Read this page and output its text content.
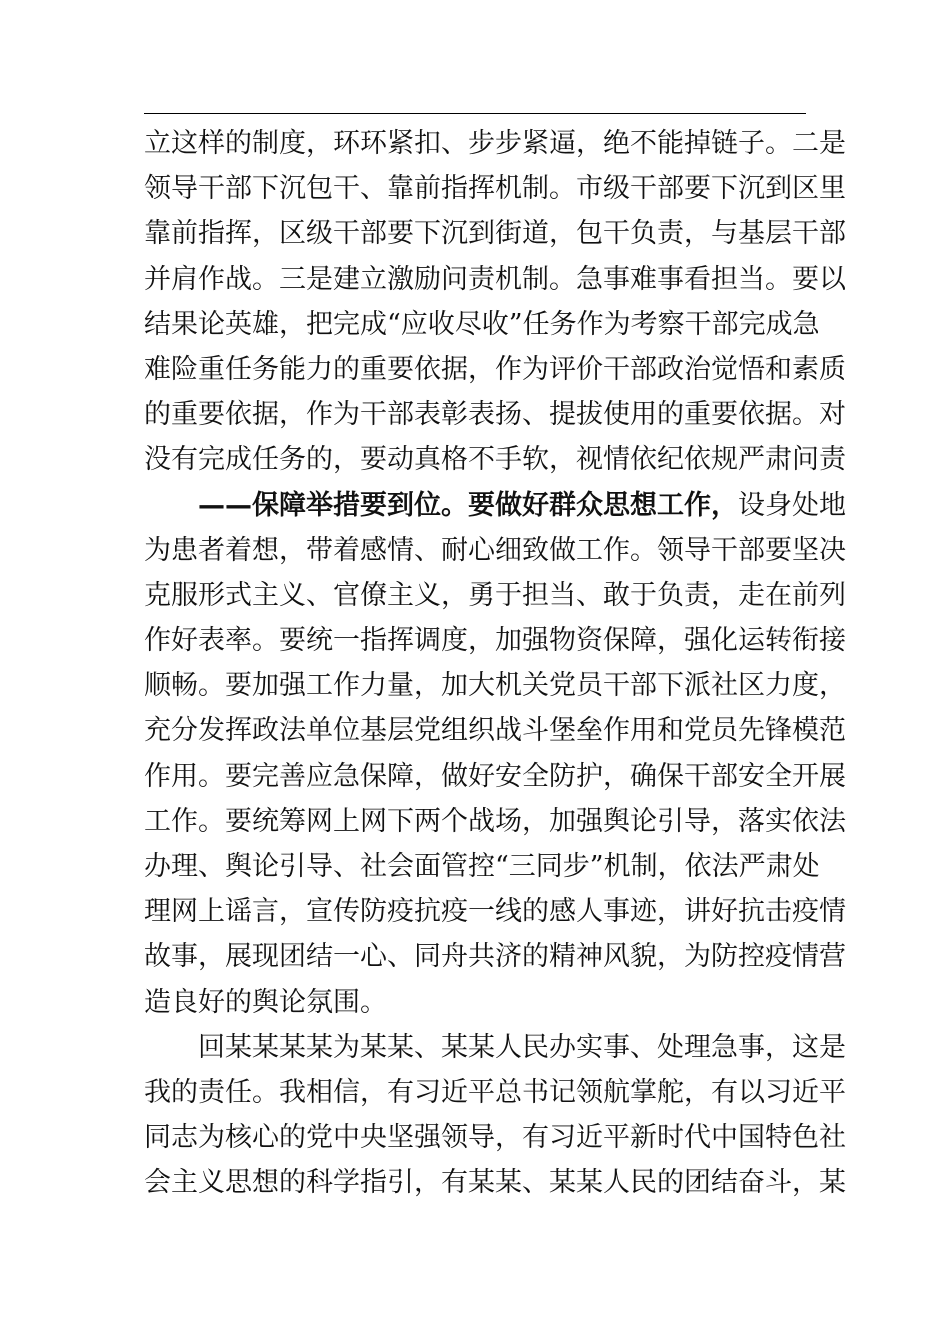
立这样的制度，环环紧扣、步步紧逼，绝不能掉链子。二是
领导干部下沉包干、靠前指挥机制。市级干部要下沉到区里
靠前指挥，区级干部要下沉到街道，包干负责，与基层干部
并肩作战。三是建立激励问责机制。急事难事看担当。要以
结果论英雄，把完成“应收尽收”任务作为考察干部完成急
难险重任务能力的重要依据，作为评价干部政治觉悟和素质
的重要依据，作为干部表彰表扬、提拔使用的重要依据。对
没有完成任务的，要动真格不手软，视情依纪依规严肃问责
——保障举措要到位。要做好群众思想工作，设身处地
为患者着想，带着感情、耐心细致做工作。领导干部要坚决
克服形式主义、官僚主义，勇于担当、敢于负责，走在前列
作好表率。要统一指挥调度，加强物资保障，强化运转衔接
顺畅。要加强工作力量，加大机关党员干部下派社区力度，
充分发挥政法单位基层党组织战斗堡垒作用和党员先锋模范
作用。要完善应急保障，做好安全防护，确保干部安全开展
工作。要统筹网上网下两个战场，加强舆论引导，落实依法
办理、舆论引导、社会面管控“三同步”机制，依法严肃处
理网上谣言，宣传防疫抗疫一线的感人事迹，讲好抗击疫情
故事，展现团结一心、同舟共济的精神风貌，为防控疫情营
造良好的舆论氛围。
回某某某某为某某、某某人民办实事、处理急事，这是
我的责任。我相信，有习近平总书记领航掌舵，有以习近平
同志为核心的党中央坚强领导，有习近平新时代中国特色社
会主义思想的科学指引，有某某、某某人民的团结奋斗，某
